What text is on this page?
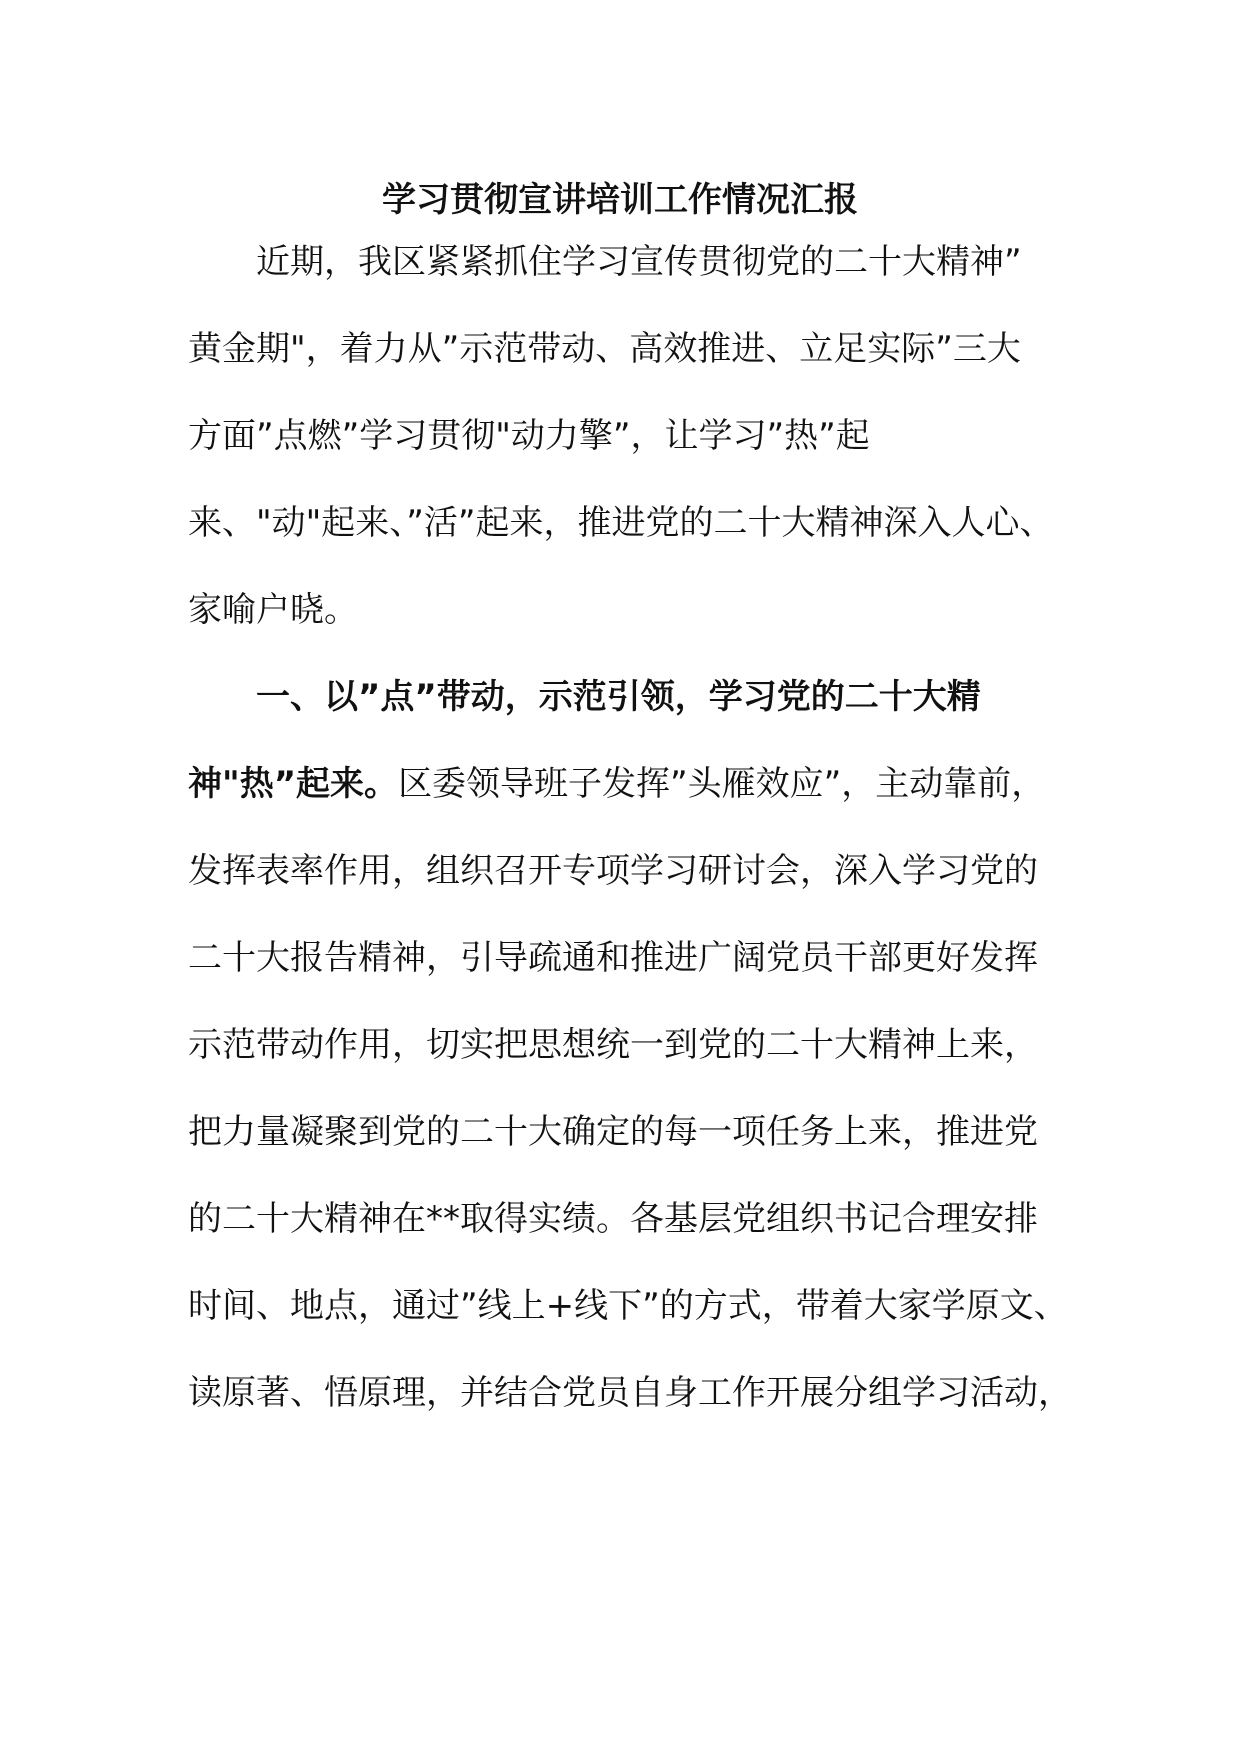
学习贯彻宣讲培训工作情况汇报
近期，我区紧紧抓住学习宣传贯彻党的二十大精神”
黄金期"，着力从”示范带动、高效推进、立足实际”三大
方面”点燃”学习贯彻"动力擎”，让学习”热”起
来、"动"起来、”活”起来，推进党的二十大精神深入人心、
家喻户晓。
一、以”点”带动，示范引领，学习党的二十大精
神"热”起来。区委领导班子发挥”头雁效应”，主动靠前，
发挥表率作用，组织召开专项学习研讨会，深入学习党的
二十大报告精神，引导疏通和推进广阔党员干部更好发挥
示范带动作用，切实把思想统一到党的二十大精神上来，
把力量凝聚到党的二十大确定的每一项任务上来，推进党
的二十大精神在**取得实绩。各基层党组织书记合理安排
时间、地点，通过”线上+线下”的方式，带着大家学原文、
读原著、悟原理，并结合党员自身工作开展分组学习活动，
